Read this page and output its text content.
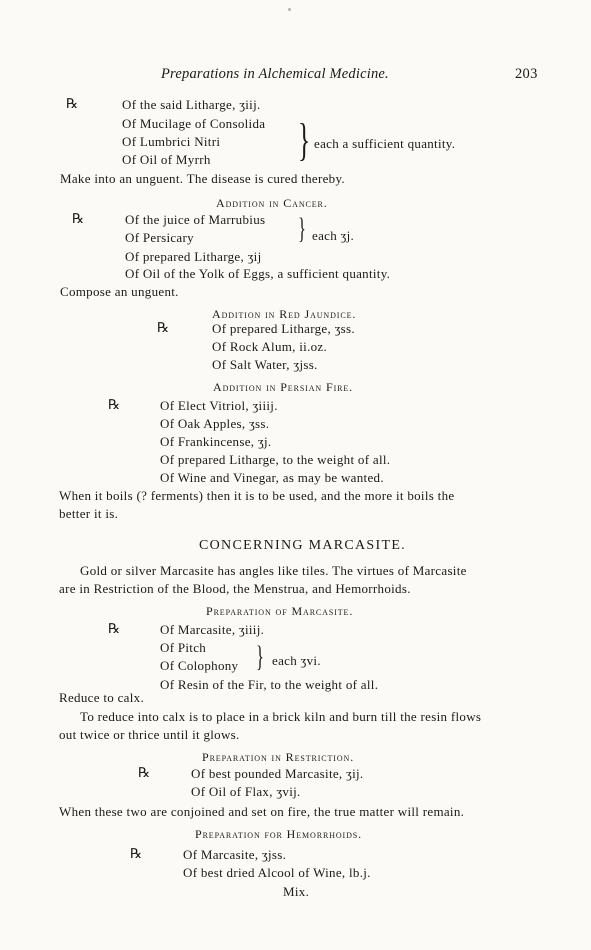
Preparations in Alchemical Medicine.	203
℞	Of the said Litharge, ʒiij.
Of Mucilage of Consolida
Of Lumbrici Nitri
Of Oil of Myrrh } each a sufficient quantity.
Make into an unguent. The disease is cured thereby.
Addition in Cancer.
℞	Of the juice of Marrubius
Of Persicary	} each ʒj.
Of prepared Litharge, ʒij
Of Oil of the Yolk of Eggs, a sufficient quantity.
Compose an unguent.
Addition in Red Jaundice.
℞	Of prepared Litharge, ʒss.
Of Rock Alum, ii.oz.
Of Salt Water, ʒjss.
Addition in Persian Fire.
℞	Of Elect Vitriol, ʒiiij.
Of Oak Apples, ʒss.
Of Frankincense, ʒj.
Of prepared Litharge, to the weight of all.
Of Wine and Vinegar, as may be wanted.
When it boils (? ferments) then it is to be used, and the more it boils the
better it is.
CONCERNING MARCASITE.
Gold or silver Marcasite has angles like tiles. The virtues of Marcasite
are in Restriction of the Blood, the Menstrua, and Hemorrhoids.
Preparation of Marcasite.
℞	Of Marcasite, ʒiiij.
Of Pitch
Of Colophony } each ʒvi.
Of Resin of the Fir, to the weight of all.
Reduce to calx.
To reduce into calx is to place in a brick kiln and burn till the resin flows
out twice or thrice until it glows.
Preparation in Restriction.
℞	Of best pounded Marcasite, ʒij.
Of Oil of Flax, ʒvij.
When these two are conjoined and set on fire, the true matter will remain.
Preparation for Hemorrhoids.
℞	Of Marcasite, ʒjss.
Of best dried Alcool of Wine, lb.j.
Mix.
